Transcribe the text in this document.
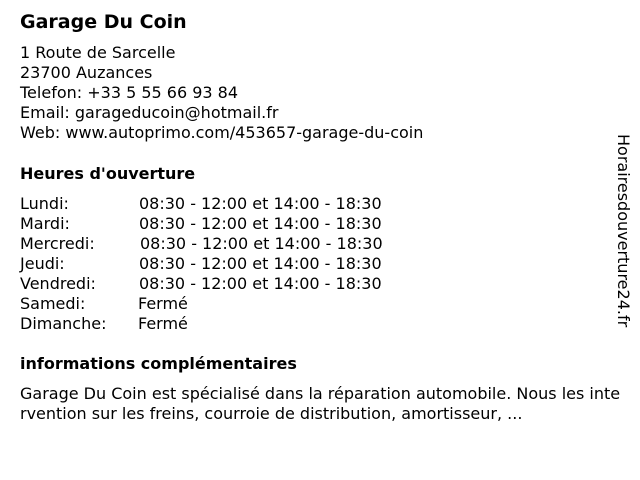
Garage Du Coin
1 Route de Sarcelle
23700 Auzances
Telefon: +33 5 55 66 93 84
Email: garageducoin@hotmail.fr
Web: www.autoprimo.com/453657-garage-du-coin
Heures d'ouverture
Lundi:	08:30 - 12:00 et 14:00 - 18:30
Mardi:	08:30 - 12:00 et 14:00 - 18:30
Mercredi:	08:30 - 12:00 et 14:00 - 18:30
Jeudi:	08:30 - 12:00 et 14:00 - 18:30
Vendredi:	08:30 - 12:00 et 14:00 - 18:30
Samedi:	Fermé
Dimanche: Fermé
informations complémentaires
Garage Du Coin est spécialisé dans la réparation automobile. Nous les intervention sur les freins, courroie de distribution, amortisseur, ...
Horairesdouverture24.fr
